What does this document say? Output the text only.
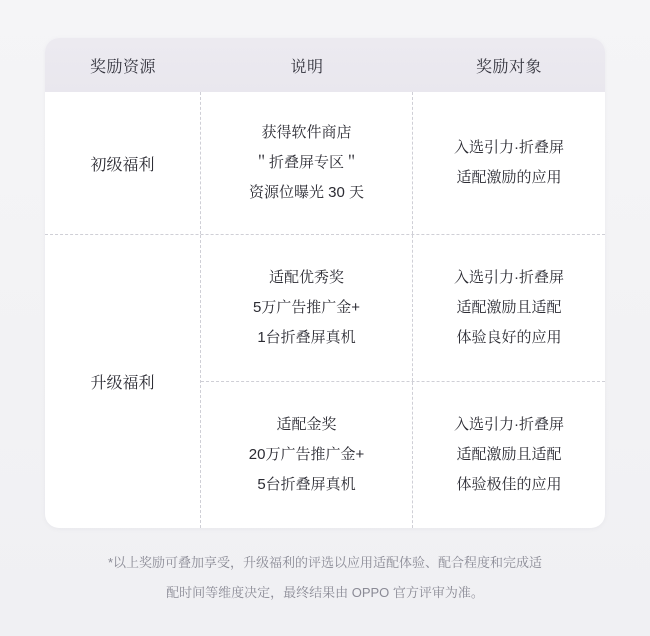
奖励资源	说明	奖励对象
初级福利
获得软件商店
＂折叠屏专区＂
资源位曝光 30 天
入选引力·折叠屏
适配激励的应用
升级福利
适配优秀奖
5万广告推广金+
1台折叠屏真机
入选引力·折叠屏
适配激励且适配
体验良好的应用
适配金奖
20万广告推广金+
5台折叠屏真机
入选引力·折叠屏
适配激励且适配
体验极佳的应用
*以上奖励可叠加享受，升级福利的评选以应用适配体验、配合程度和完成适
配时间等维度决定，最终结果由 OPPO 官方评审为准。
